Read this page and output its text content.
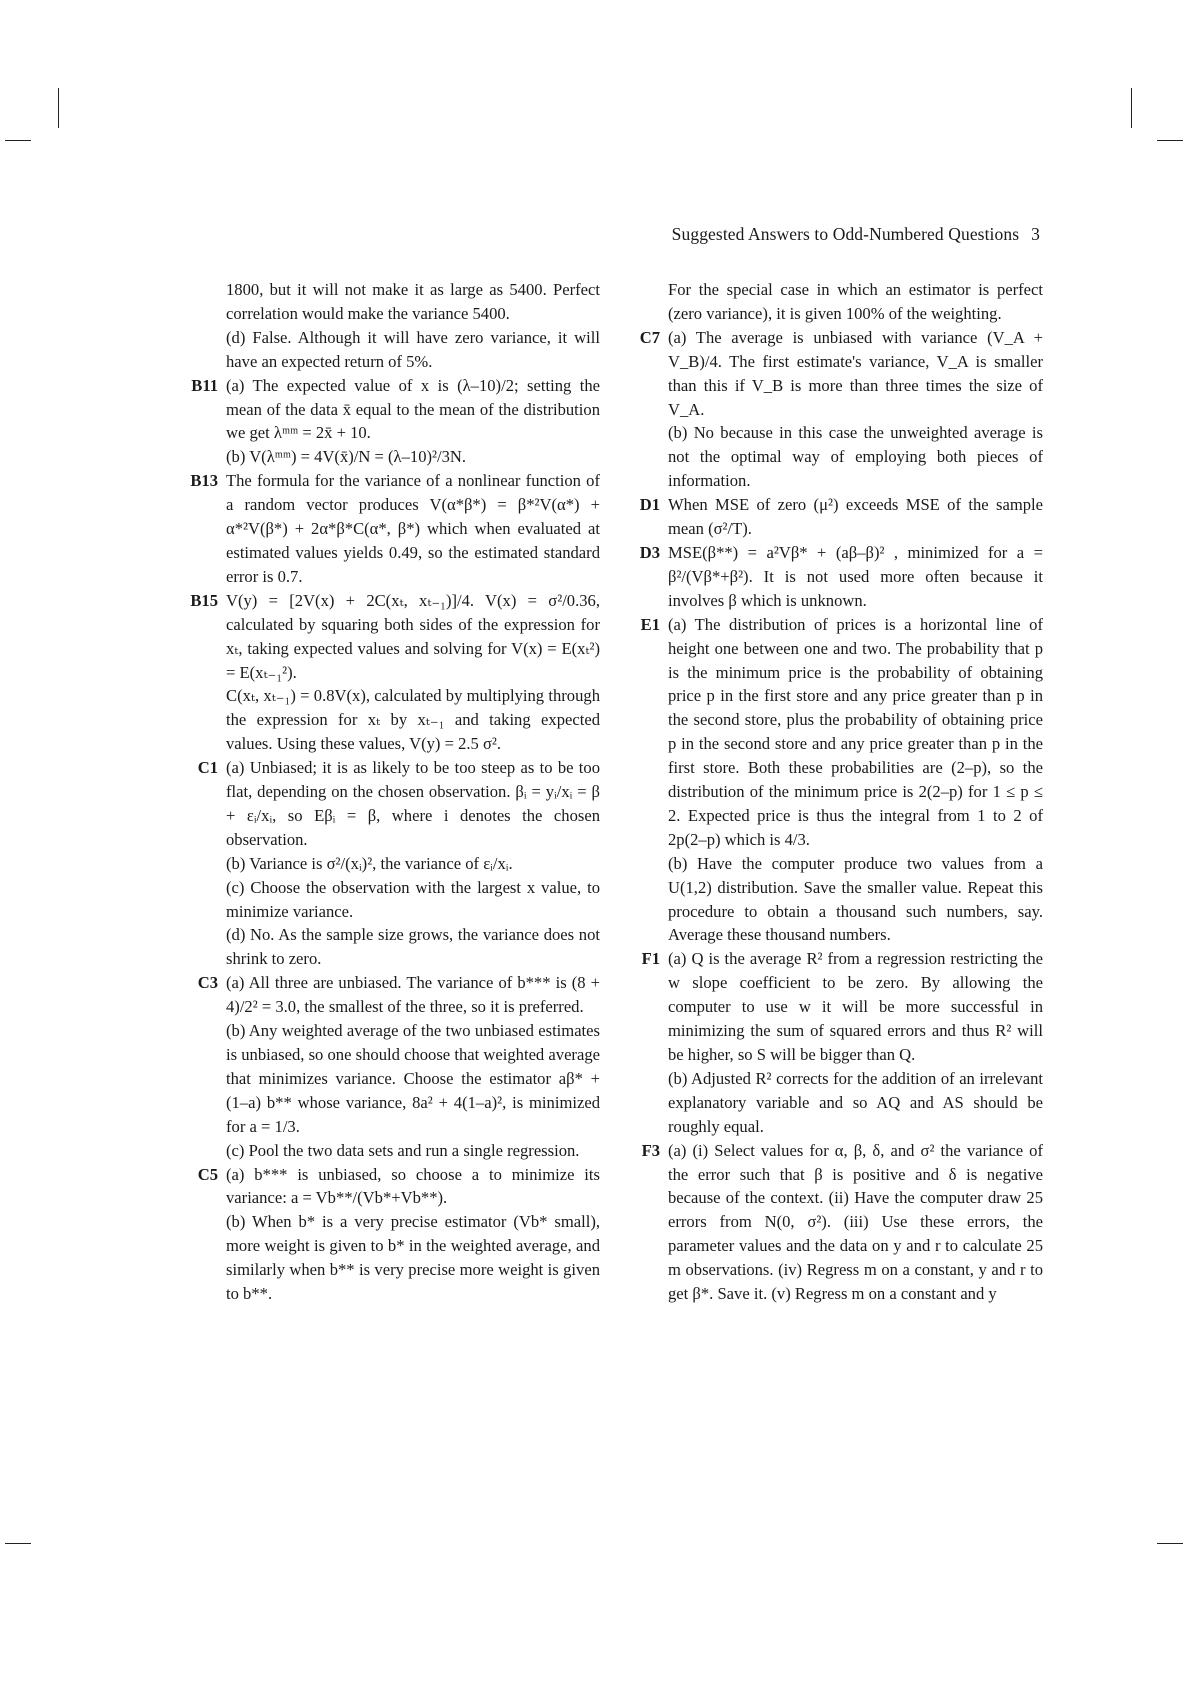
Suggested Answers to Odd-Numbered Questions 3
1800, but it will not make it as large as 5400. Perfect correlation would make the variance 5400.
(d) False. Although it will have zero variance, it will have an expected return of 5%.
B11 (a) The expected value of x is (λ–10)/2; setting the mean of the data x̄ equal to the mean of the distribution we get λᵐᵐ = 2x̄ + 10.
(b) V(λᵐᵐ) = 4V(x̄)/N = (λ–10)²/3N.
B13 The formula for the variance of a nonlinear function of a random vector produces V(α*β*) = β*²V(α*) + α*²V(β*) + 2α*β*C(α*, β*) which when evaluated at estimated values yields 0.49, so the estimated standard error is 0.7.
B15 V(y) = [2V(x) + 2C(xₜ, xₜ₋₁)]/4. V(x) = σ²/0.36, calculated by squaring both sides of the expression for xₜ, taking expected values and solving for V(x) = E(xₜ²) = E(xₜ₋₁²).
C(xₜ, xₜ₋₁) = 0.8V(x), calculated by multiplying through the expression for xₜ by xₜ₋₁ and taking expected values. Using these values, V(y) = 2.5 σ².
C1 (a) Unbiased; it is as likely to be too steep as to be too flat, depending on the chosen observation. βᵢ = yᵢ/xᵢ = β + εᵢ/xᵢ, so Eβᵢ = β, where i denotes the chosen observation.
(b) Variance is σ²/(xᵢ)², the variance of εᵢ/xᵢ.
(c) Choose the observation with the largest x value, to minimize variance.
(d) No. As the sample size grows, the variance does not shrink to zero.
C3 (a) All three are unbiased. The variance of b*** is (8 + 4)/2² = 3.0, the smallest of the three, so it is preferred.
(b) Any weighted average of the two unbiased estimates is unbiased, so one should choose that weighted average that minimizes variance. Choose the estimator aβ* + (1–a) b** whose variance, 8a² + 4(1–a)², is minimized for a = 1/3.
(c) Pool the two data sets and run a single regression.
C5 (a) b*** is unbiased, so choose a to minimize its variance: a = Vb**/(Vb*+Vb**).
(b) When b* is a very precise estimator (Vb* small), more weight is given to b* in the weighted average, and similarly when b** is very precise more weight is given to b**.
For the special case in which an estimator is perfect (zero variance), it is given 100% of the weighting.
C7 (a) The average is unbiased with variance (V_A + V_B)/4. The first estimate's variance, V_A is smaller than this if V_B is more than three times the size of V_A.
(b) No because in this case the unweighted average is not the optimal way of employing both pieces of information.
D1 When MSE of zero (μ²) exceeds MSE of the sample mean (σ²/T).
D3 MSE(β**) = a²Vβ* + (aβ–β)² , minimized for a = β²/(Vβ*+β²). It is not used more often because it involves β which is unknown.
E1 (a) The distribution of prices is a horizontal line of height one between one and two. The probability that p is the minimum price is the probability of obtaining price p in the first store and any price greater than p in the second store, plus the probability of obtaining price p in the second store and any price greater than p in the first store. Both these probabilities are (2–p), so the distribution of the minimum price is 2(2–p) for 1 ≤ p ≤ 2. Expected price is thus the integral from 1 to 2 of 2p(2–p) which is 4/3.
(b) Have the computer produce two values from a U(1,2) distribution. Save the smaller value. Repeat this procedure to obtain a thousand such numbers, say. Average these thousand numbers.
F1 (a) Q is the average R² from a regression restricting the w slope coefficient to be zero. By allowing the computer to use w it will be more successful in minimizing the sum of squared errors and thus R² will be higher, so S will be bigger than Q.
(b) Adjusted R² corrects for the addition of an irrelevant explanatory variable and so AQ and AS should be roughly equal.
F3 (a) (i) Select values for α, β, δ, and σ² the variance of the error such that β is positive and δ is negative because of the context. (ii) Have the computer draw 25 errors from N(0, σ²). (iii) Use these errors, the parameter values and the data on y and r to calculate 25 m observations. (iv) Regress m on a constant, y and r to get β*. Save it. (v) Regress m on a constant and y
